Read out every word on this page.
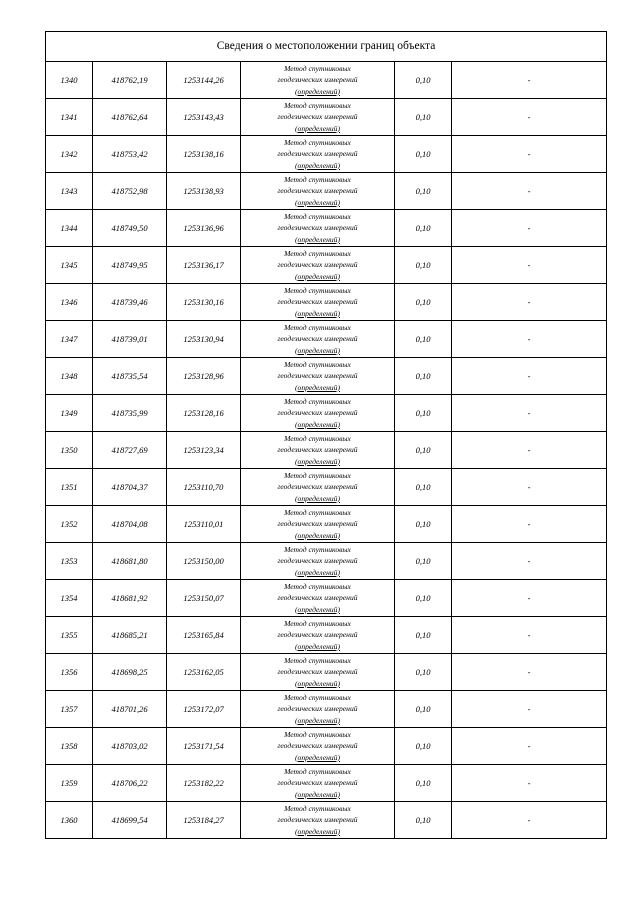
Сведения о местоположении границ объекта					
1340	418762,19	1253144,26	Метод спутниковых
геодезических измерений
(определений)	0,10	-
1341	418762,64	1253143,43	Метод спутниковых
геодезических измерений
(определений)	0,10	-
1342	418753,42	1253138,16	Метод спутниковых
геодезических измерений
(определений)	0,10	-
1343	418752,98	1253138,93	Метод спутниковых
геодезических измерений
(определений)	0,10	-
1344	418749,50	1253136,96	Метод спутниковых
геодезических измерений
(определений)	0,10	-
1345	418749,95	1253136,17	Метод спутниковых
геодезических измерений
(определений)	0,10	-
1346	418739,46	1253130,16	Метод спутниковых
геодезических измерений
(определений)	0,10	-
1347	418739,01	1253130,94	Метод спутниковых
геодезических измерений
(определений)	0,10	-
1348	418735,54	1253128,96	Метод спутниковых
геодезических измерений
(определений)	0,10	-
1349	418735,99	1253128,16	Метод спутниковых
геодезических измерений
(определений)	0,10	-
1350	418727,69	1253123,34	Метод спутниковых
геодезических измерений
(определений)	0,10	-
1351	418704,37	1253110,70	Метод спутниковых
геодезических измерений
(определений)	0,10	-
1352	418704,08	1253110,01	Метод спутниковых
геодезических измерений
(определений)	0,10	-
1353	418681,80	1253150,00	Метод спутниковых
геодезических измерений
(определений)	0,10	-
1354	418681,92	1253150,07	Метод спутниковых
геодезических измерений
(определений)	0,10	-
1355	418685,21	1253165,84	Метод спутниковых
геодезических измерений
(определений)	0,10	-
1356	418698,25	1253162,05	Метод спутниковых
геодезических измерений
(определений)	0,10	-
1357	418701,26	1253172,07	Метод спутниковых
геодезических измерений
(определений)	0,10	-
1358	418703,02	1253171,54	Метод спутниковых
геодезических измерений
(определений)	0,10	-
1359	418706,22	1253182,22	Метод спутниковых
геодезических измерений
(определений)	0,10	-
1360	418699,54	1253184,27	Метод спутниковых
геодезических измерений
(определений)	0,10	-
